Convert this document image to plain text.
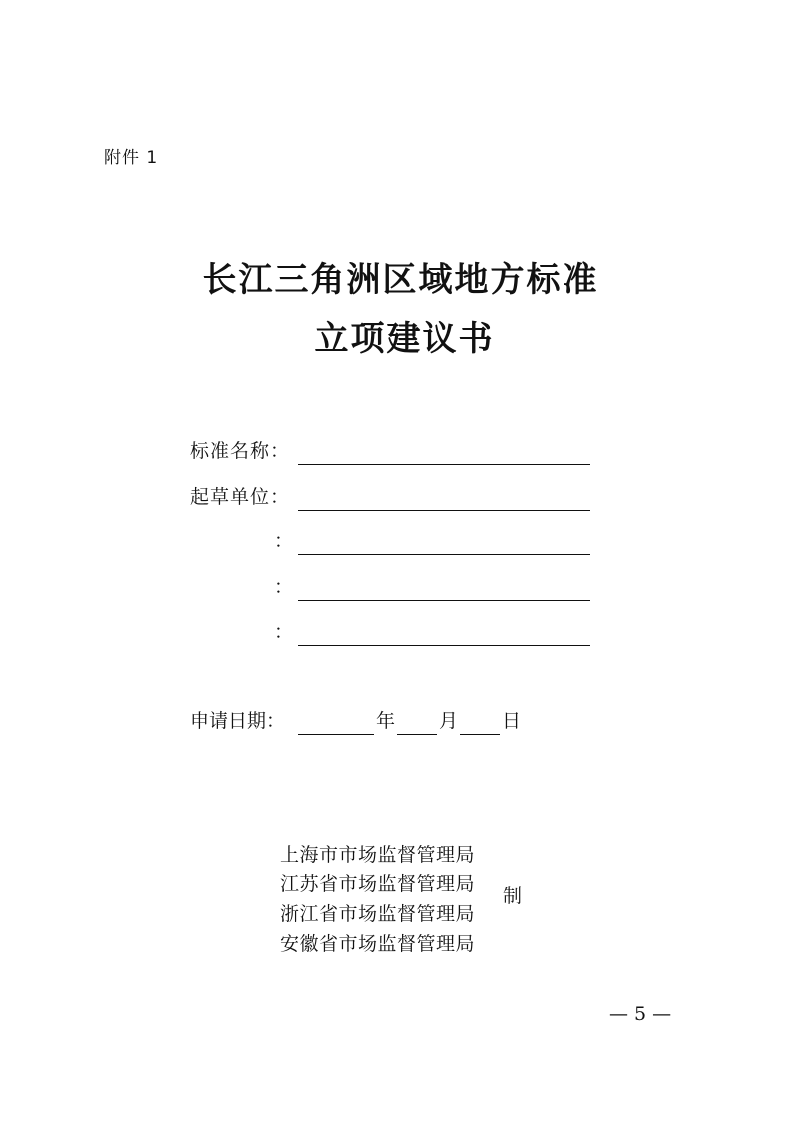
附件 1
长江三角洲区域地方标准
立项建议书
标准名称：
起草单位：
：
：
：
申请日期：	年 月 日
上海市市场监督管理局
江苏省市场监督管理局
浙江省市场监督管理局
安徽省市场监督管理局
制
— 5 —
